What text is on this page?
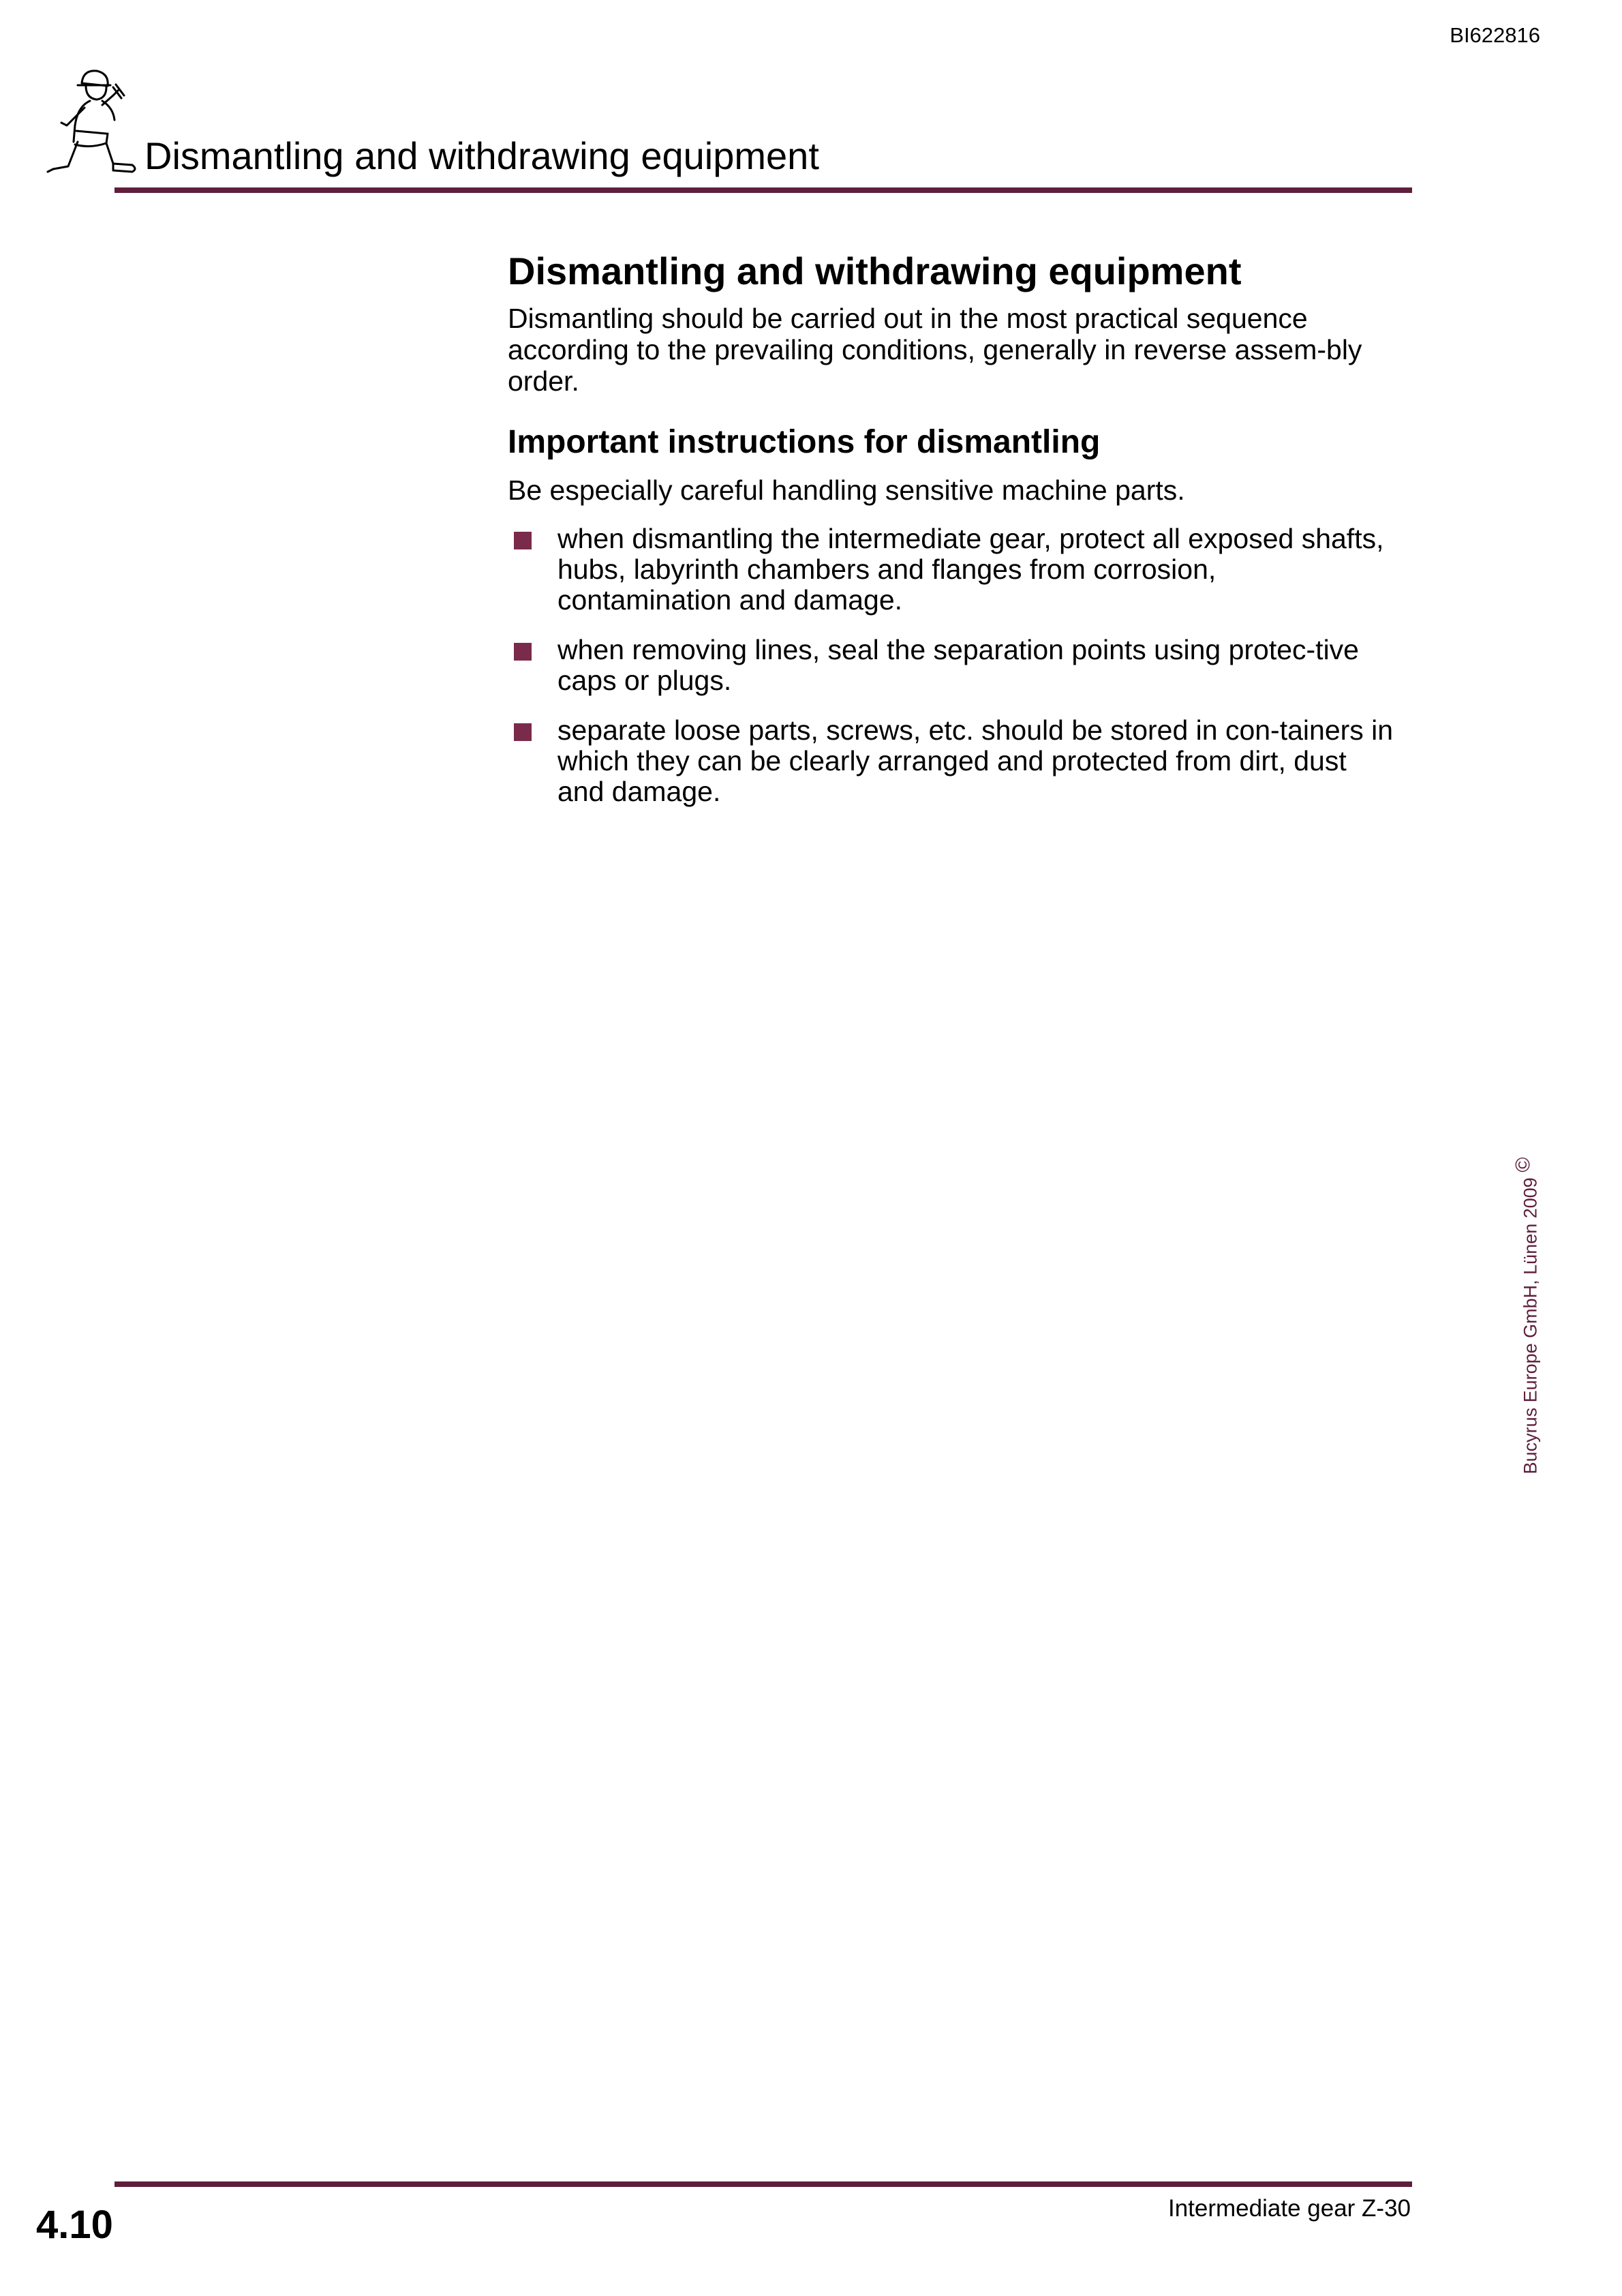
BI622816
Dismantling and withdrawing equipment
Dismantling and withdrawing equipment

Dismantling should be carried out in the most practical sequence according to the prevailing conditions, generally in reverse assem-bly order.

Important instructions for dismantling

Be especially careful handling sensitive machine parts.

when dismantling the intermediate gear, protect all exposed shafts, hubs, labyrinth chambers and flanges from corrosion, contamination and damage.
when removing lines, seal the separation points using protec-tive caps or plugs.
separate loose parts, screws, etc. should be stored in con-tainers in which they can be clearly arranged and protected from dirt, dust and damage.
Bucyrus Europe GmbH, Lünen 2009 ©
4.10	Intermediate gear Z-30
